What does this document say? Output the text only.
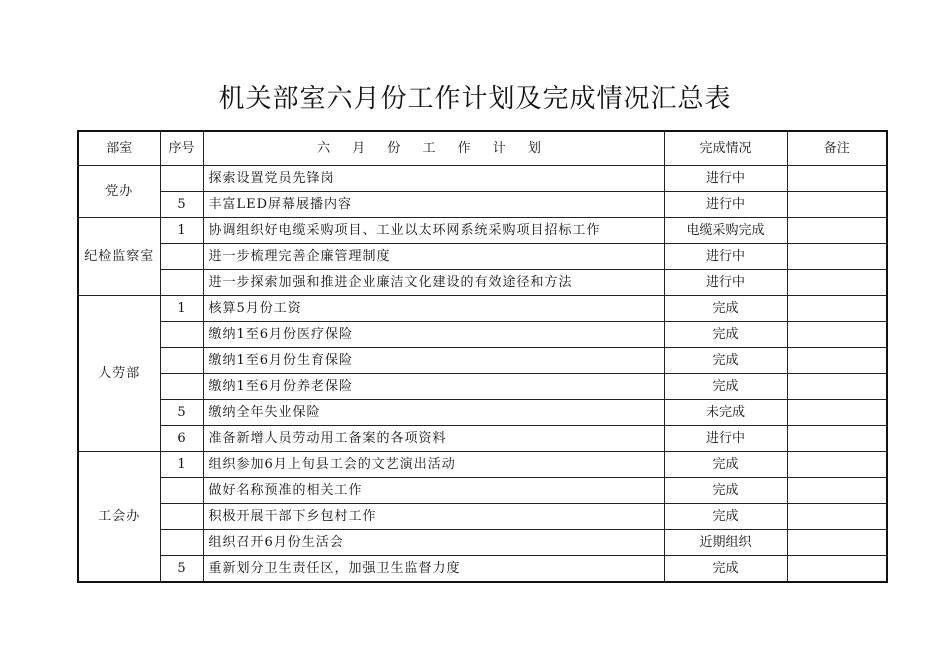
机关部室六月份工作计划及完成情况汇总表
部室	序号	六 月 份 工 作 计 划	完成情况	备注
党办		探索设置党员先锋岗	进行中	
	5	丰富LED屏幕展播内容	进行中	
纪检监察室	1	协调组织好电缆采购项目、工业以太环网系统采购项目招标工作	电缆采购完成	
		进一步梳理完善企廉管理制度	进行中	
		进一步探索加强和推进企业廉洁文化建设的有效途径和方法	进行中	
人劳部	1	核算5月份工资	完成	
		缴纳1至6月份医疗保险	完成	
		缴纳1至6月份生育保险	完成	
		缴纳1至6月份养老保险	完成	
	5	缴纳全年失业保险	未完成	
	6	准备新增人员劳动用工备案的各项资料	进行中	
工会办	1	组织参加6月上旬县工会的文艺演出活动	完成	
		做好名称预准的相关工作	完成	
		积极开展干部下乡包村工作	完成	
		组织召开6月份生活会	近期组织	
	5	重新划分卫生责任区，加强卫生监督力度	完成	
